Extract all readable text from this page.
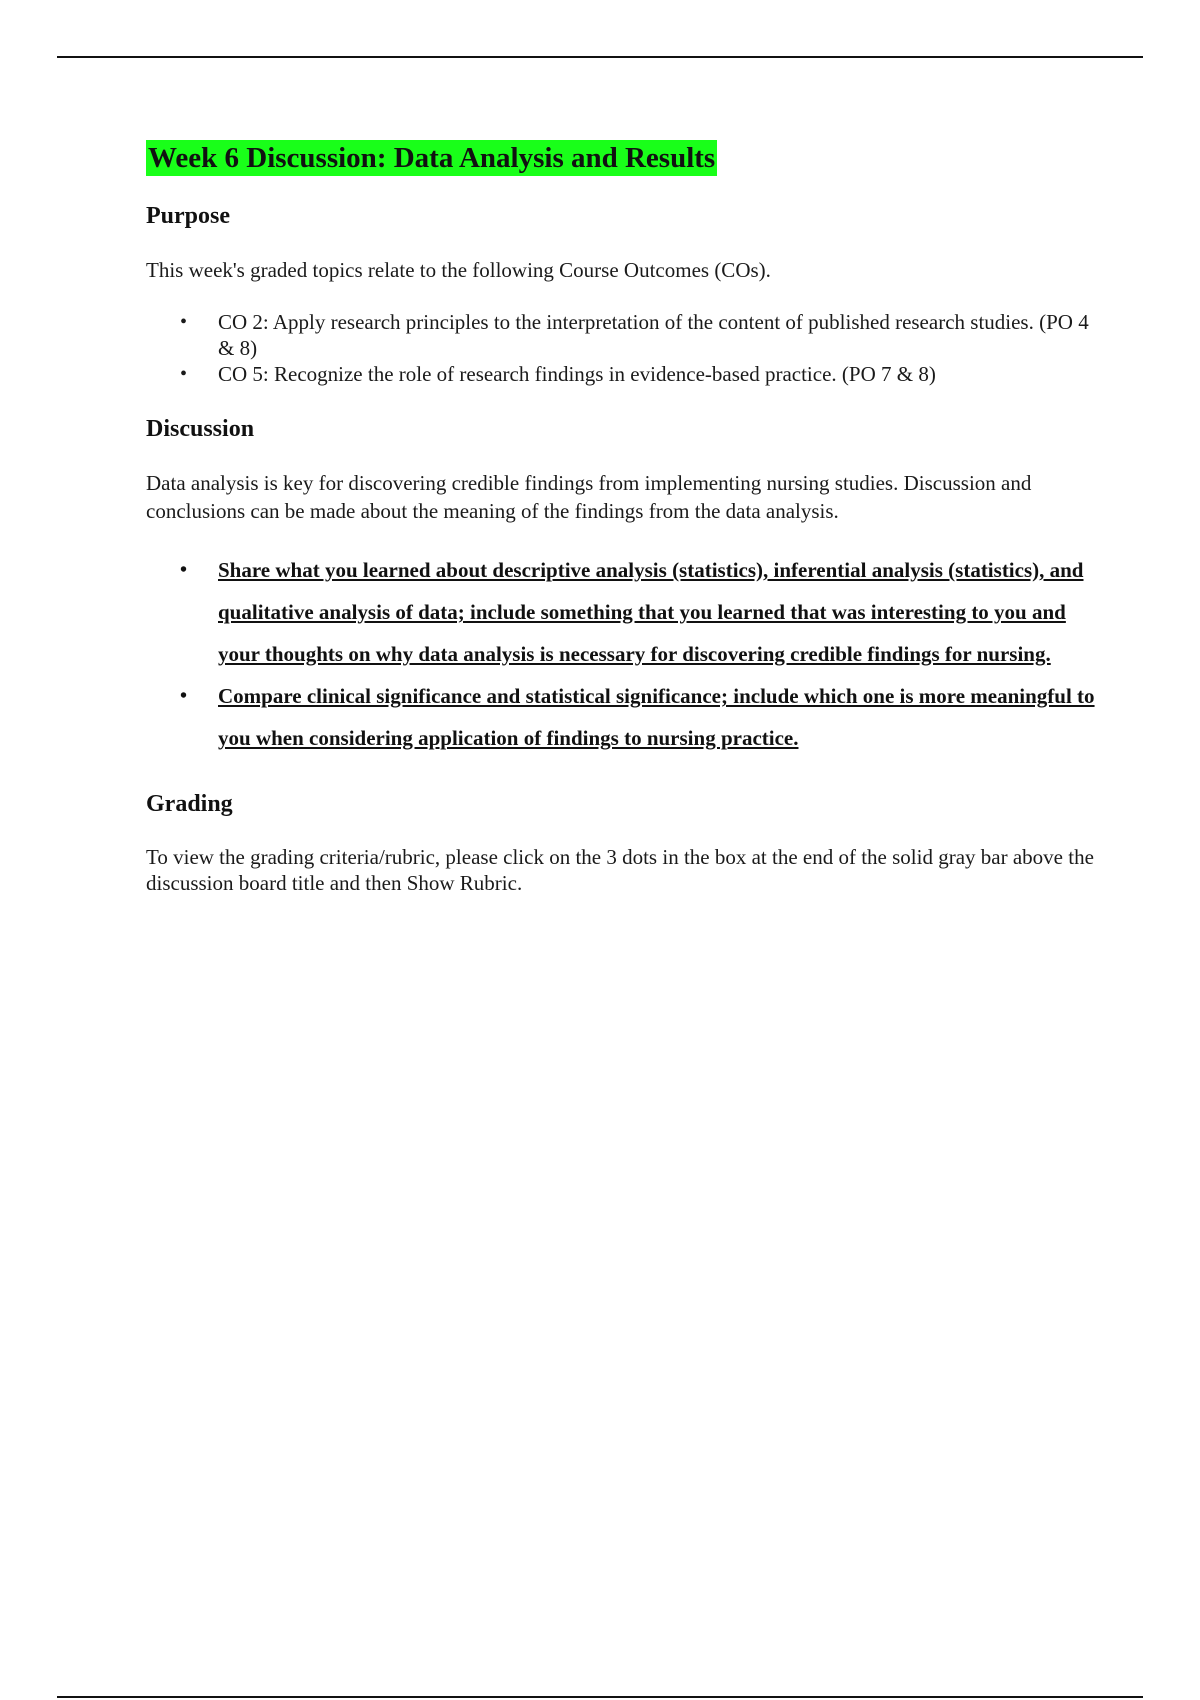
Week 6 Discussion: Data Analysis and Results
Purpose

This week's graded topics relate to the following Course Outcomes (COs).

• CO 2: Apply research principles to the interpretation of the content of published research studies. (PO 4 & 8)
• CO 5: Recognize the role of research findings in evidence-based practice. (PO 7 & 8)
Discussion

Data analysis is key for discovering credible findings from implementing nursing studies. Discussion and conclusions can be made about the meaning of the findings from the data analysis.

• Share what you learned about descriptive analysis (statistics), inferential analysis (statistics), and qualitative analysis of data; include something that you learned that was interesting to you and your thoughts on why data analysis is necessary for discovering credible findings for nursing.
• Compare clinical significance and statistical significance; include which one is more meaningful to you when considering application of findings to nursing practice.
Grading

To view the grading criteria/rubric, please click on the 3 dots in the box at the end of the solid gray bar above the discussion board title and then Show Rubric.
